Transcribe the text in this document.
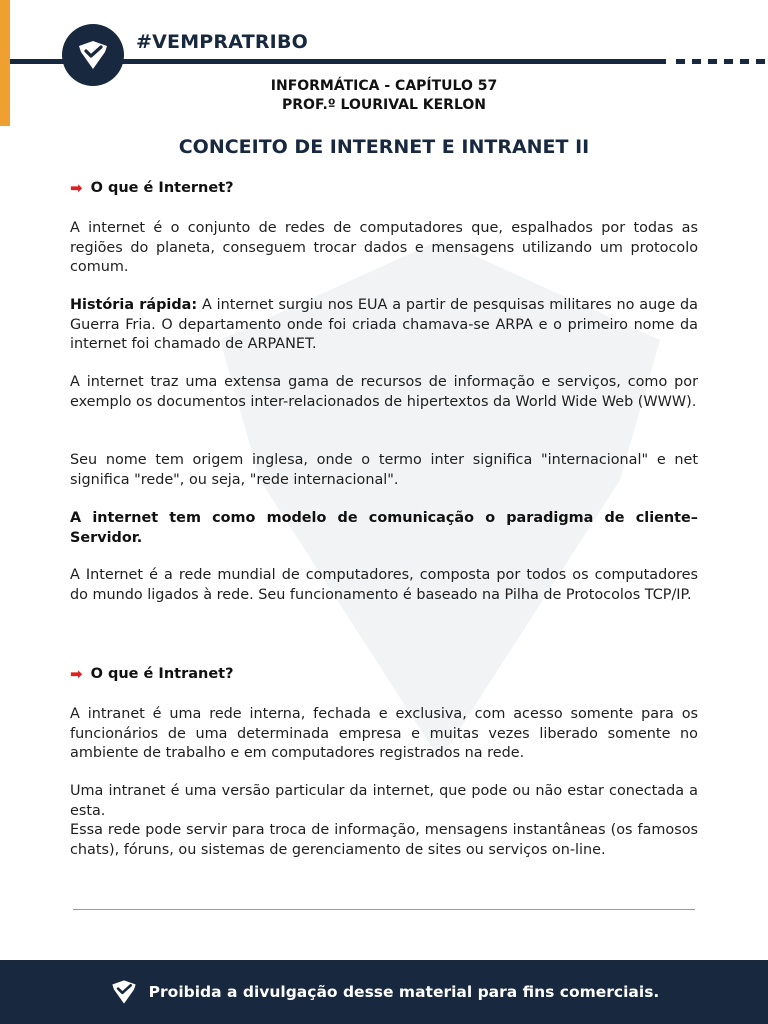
#VEMPRATRIBO
INFORMÁTICA - CAPÍTULO 57
PROF.º LOURIVAL KERLON
CONCEITO DE INTERNET E INTRANET II
➡ O que é Internet?
A internet é o conjunto de redes de computadores que, espalhados por todas as regiões do planeta, conseguem trocar dados e mensagens utilizando um protocolo comum.
História rápida: A internet surgiu nos EUA a partir de pesquisas militares no auge da Guerra Fria. O departamento onde foi criada chamava-se ARPA e o primeiro nome da internet foi chamado de ARPANET.
A internet traz uma extensa gama de recursos de informação e serviços, como por exemplo os documentos inter-relacionados de hipertextos da World Wide Web (WWW).
Seu nome tem origem inglesa, onde o termo inter significa "internacional" e net significa "rede", ou seja, "rede internacional".
A internet tem como modelo de comunicação o paradigma de cliente–Servidor.
A Internet é a rede mundial de computadores, composta por todos os computadores do mundo ligados à rede. Seu funcionamento é baseado na Pilha de Protocolos TCP/IP.
➡ O que é Intranet?
A intranet é uma rede interna, fechada e exclusiva, com acesso somente para os funcionários de uma determinada empresa e muitas vezes liberado somente no ambiente de trabalho e em computadores registrados na rede.
Uma intranet é uma versão particular da internet, que pode ou não estar conectada a esta.
Essa rede pode servir para troca de informação, mensagens instantâneas (os famosos chats), fóruns, ou sistemas de gerenciamento de sites ou serviços on-line.
Proibida a divulgação desse material para fins comerciais.
